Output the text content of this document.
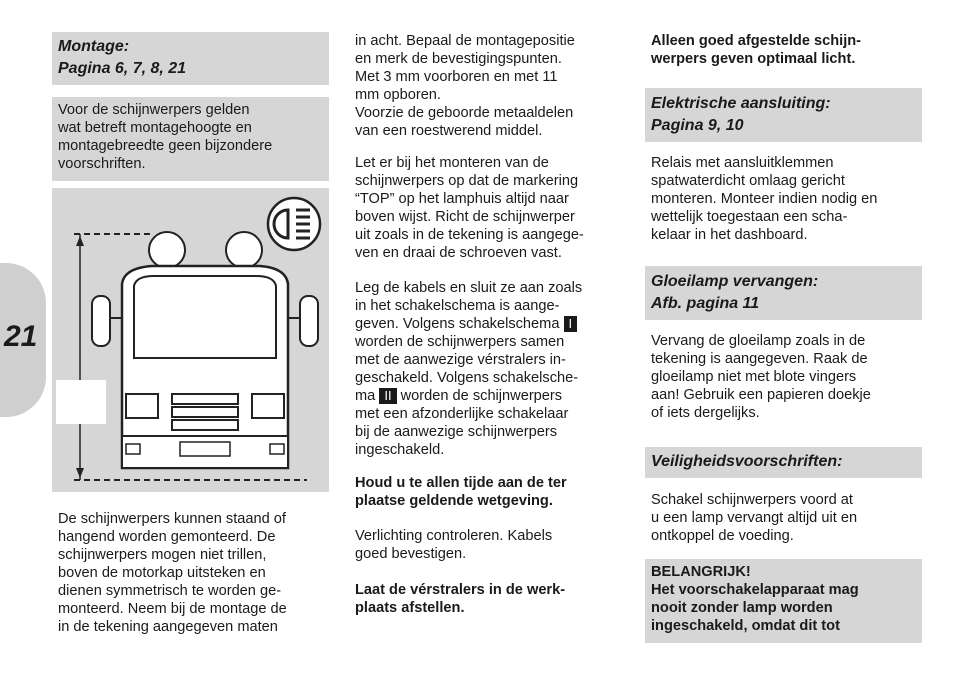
21
Montage:
Pagina 6, 7, 8, 21
Voor de schijnwerpers gelden
wat betreft montagehoogte en
montagebreedte geen bijzondere
voorschriften.
De schijnwerpers kunnen staand of
hangend worden gemonteerd. De
schijnwerpers mogen niet trillen,
boven de motorkap uitsteken en
dienen symmetrisch te worden ge-
monteerd. Neem bij de montage de
in de tekening aangegeven maten
in acht. Bepaal de montagepositie
en merk de bevestigingspunten.
Met 3 mm voorboren en met 11
mm opboren.
Voorzie de geboorde metaaldelen
van een roestwerend middel.
Let er bij het monteren van de
schijnwerpers op dat de markering
“TOP” op het lamphuis altijd naar
boven wijst. Richt de schijnwerper
uit zoals in de tekening is aangege-
ven en draai de schroeven vast.
Leg de kabels en sluit ze aan zoals
in het schakelschema is aange-
geven. Volgens schakelschema I
worden de schijnwerpers samen
met de aanwezige vérstralers in-
geschakeld. Volgens schakelsche-
ma II worden de schijnwerpers
met een afzonderlijke schakelaar
bij de aanwezige schijnwerpers
ingeschakeld.
Houd u te allen tijde aan de ter
plaatse geldende wetgeving.
Verlichting controleren. Kabels
goed bevestigen.
Laat de vérstralers in de werk-
plaats afstellen.
Alleen goed afgestelde schijn-
werpers geven optimaal licht.
Elektrische aansluiting:
Pagina 9, 10
Relais met aansluitklemmen
spatwaterdicht omlaag gericht
monteren. Monteer indien nodig en
wettelijk toegestaan een scha-
kelaar in het dashboard.
Gloeilamp vervangen:
Afb. pagina 11
Vervang de gloeilamp zoals in de
tekening is aangegeven. Raak de
gloeilamp niet met blote vingers
aan! Gebruik een papieren doekje
of iets dergelijks.
Veiligheidsvoorschriften:
Schakel schijnwerpers voord at
u een lamp vervangt altijd uit en
ontkoppel de voeding.
BELANGRIJK!
Het voorschakelapparaat mag
nooit zonder lamp worden
ingeschakeld, omdat dit tot
